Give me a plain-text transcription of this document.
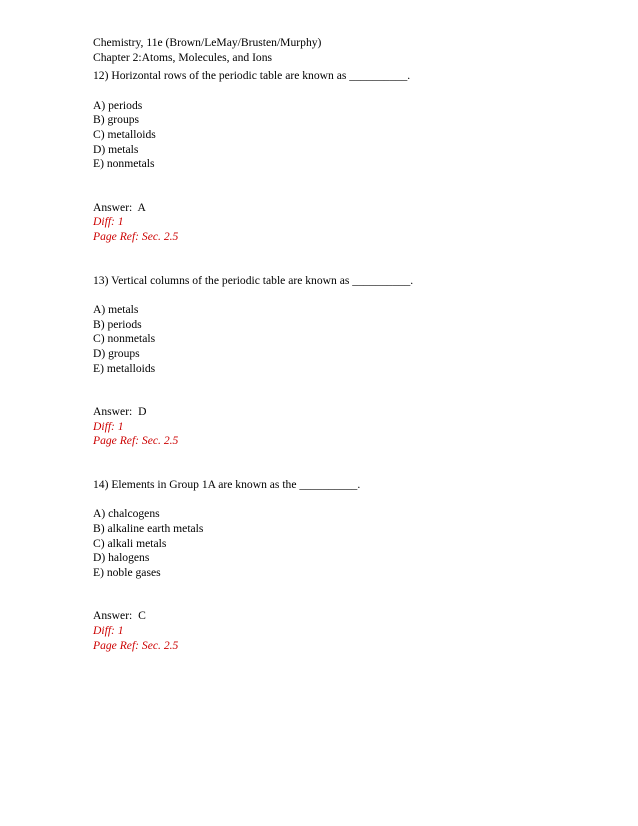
Chemistry, 11e (Brown/LeMay/Brusten/Murphy)
Chapter 2:Atoms, Molecules, and Ions
12) Horizontal rows of the periodic table are known as __________.
A) periods
B) groups
C) metalloids
D) metals
E) nonmetals
Answer:  A
Diff: 1
Page Ref: Sec. 2.5
13) Vertical columns of the periodic table are known as __________.
A) metals
B) periods
C) nonmetals
D) groups
E) metalloids
Answer:  D
Diff: 1
Page Ref: Sec. 2.5
14) Elements in Group 1A are known as the __________.
A) chalcogens
B) alkaline earth metals
C) alkali metals
D) halogens
E) noble gases
Answer:  C
Diff: 1
Page Ref: Sec. 2.5
